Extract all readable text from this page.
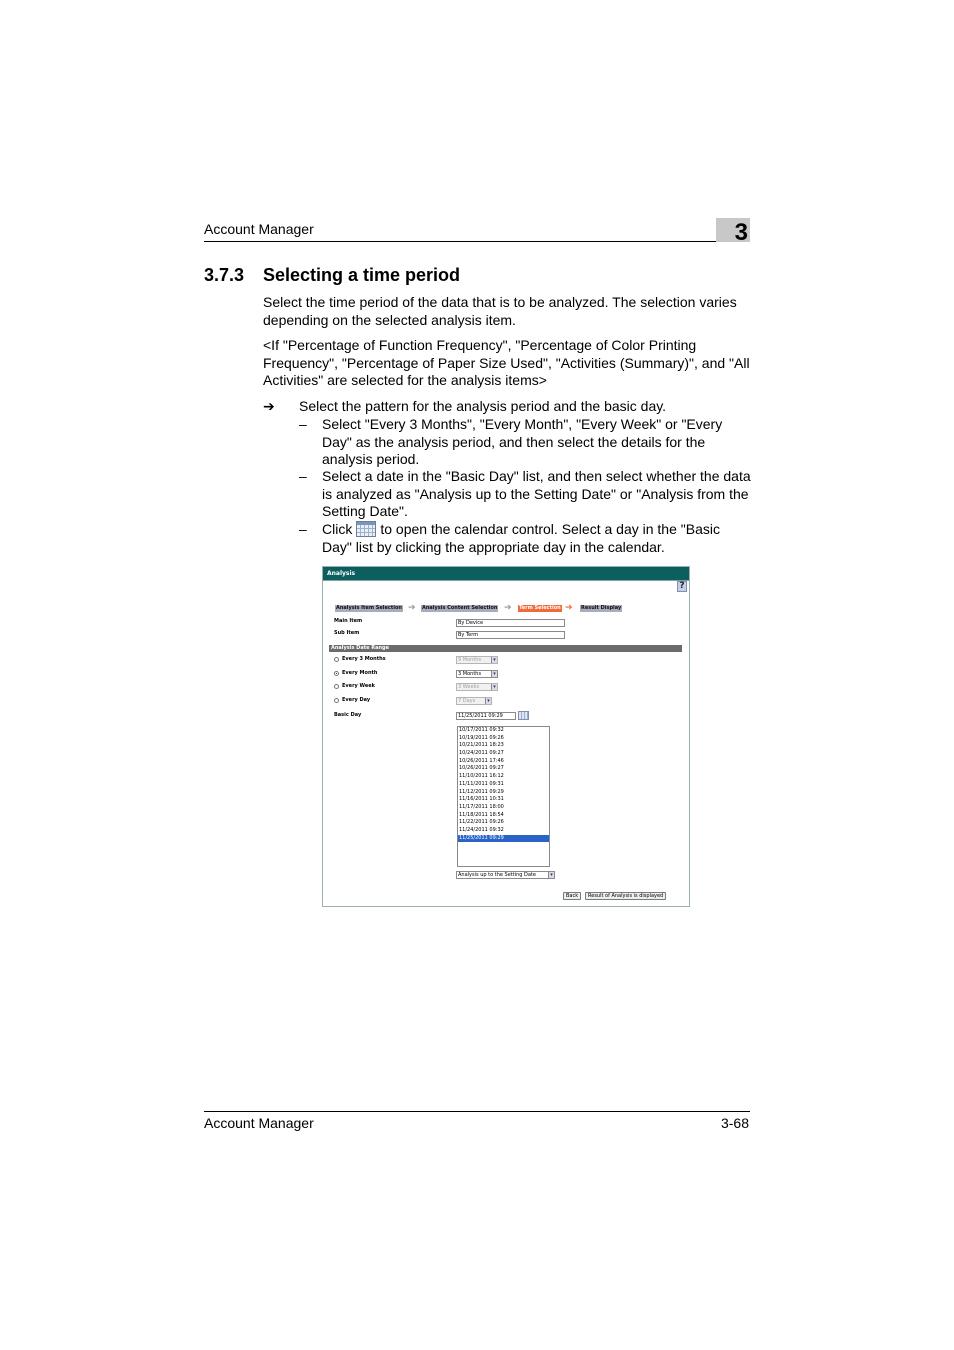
Account Manager	3
3.7.3 Selecting a time period
Select the time period of the data that is to be analyzed. The selection varies depending on the selected analysis item.
<If "Percentage of Function Frequency", "Percentage of Color Printing Frequency", "Percentage of Paper Size Used", "Activities (Summary)", and "All Activities" are selected for the analysis items>
➔ Select the pattern for the analysis period and the basic day.
– Select "Every 3 Months", "Every Month", "Every Week" or "Every Day" as the analysis period, and then select the details for the analysis period.
– Select a date in the "Basic Day" list, and then select whether the data is analyzed as "Analysis up to the Setting Date" or "Analysis from the Setting Date".
– Click to open the calendar control. Select a day in the "Basic Day" list by clicking the appropriate day in the calendar.
Analysis
?
Analysis Item Selection ➔ Analysis Content Selection ➔ Term Selection ➔ Result Display
Main Item	By Device
Sub Item	By Term
Analysis Date Range
Every 3 Months	9 Months	▾
Every Month	3 Months	▾
Every Week	3 Weeks	▾
Every Day	7 Days	▾
Basic Day	11/25/2011 09:29
10/17/2011 09:32
10/19/2011 09:26
10/21/2011 18:23
10/24/2011 09:27
10/26/2011 17:46
10/26/2011 09:27
11/10/2011 16:12
11/11/2011 09:31
11/12/2011 09:29
11/16/2011 10:31
11/17/2011 18:00
11/18/2011 18:54
11/22/2011 09:26
11/24/2011 09:32
11/25/2011 09:29
Analysis up to the Setting Date	▾
Back	Result of Analysis is displayed
Account Manager	3-68
